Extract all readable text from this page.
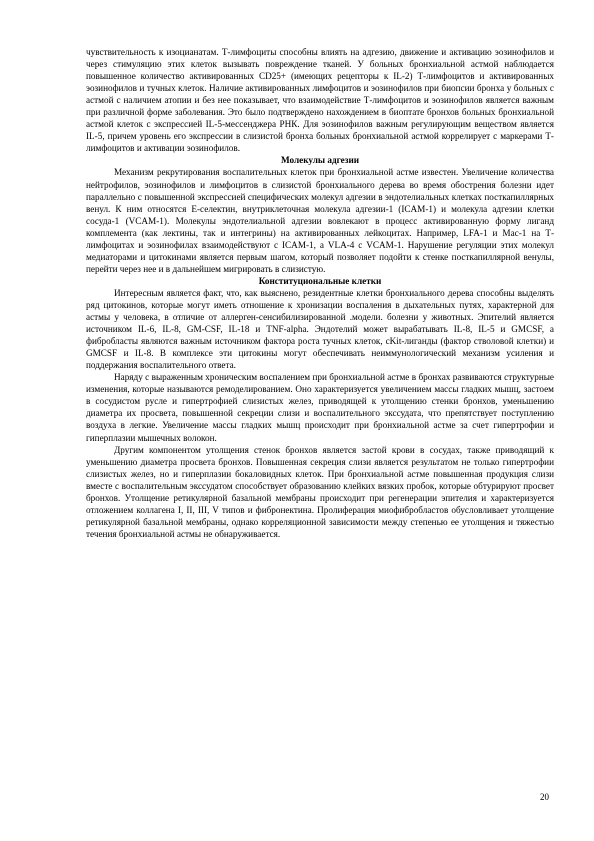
чувствительность к изоцианатам. Т-лимфоциты способны влиять на адгезию, движение и активацию эозинофилов и через стимуляцию этих клеток вызывать повреждение тканей. У больных бронхиальной астмой наблюдается повышенное количество активированных CD25+ (имеющих рецепторы к IL-2) Т-лимфоцитов и активированных эозинофилов и тучных клеток. Наличие активированных лимфоцитов и эозинофилов при биопсии бронха у больных с астмой с наличием атопии и без нее показывает, что взаимодействие Т-лимфоцитов и эозинофилов является важным при различной форме заболевания. Это было подтверждено нахождением в биоптате бронхов больных бронхиальной астмой клеток с экспрессией IL-5-мессенджера РНК. Для эозинофилов важным регулирующим веществом является IL-5, причем уровень его экспрессии в слизистой бронха больных бронхиальной астмой коррелирует с маркерами Т-лимфоцитов и активации эозинофилов.

Молекулы адгезии

Механизм рекрутирования воспалительных клеток при бронхиальной астме известен. Увеличение количества нейтрофилов, эозинофилов и лимфоцитов в слизистой бронхиального дерева во время обострения болезни идет параллельно с повышенной экспрессией специфических молекул адгезии в эндотелиальных клетках посткапиллярных венул. К ним относятся Е-селектин, внутриклеточная молекула адгезии-1 (ICAM-1) и молекула адгезии клетки сосуда-1 (VCAM-1). Молекулы эндотелиальной адгезии вовлекают в процесс активированную форму лиганд комплемента (как лектины, так и интегрины) на активированных лейкоцитах. Например, LFA-1 и Mac-1 на Т-лимфоцитах и эозинофилах взаимодействуют с ICAM-1, а VLA-4 с VCAM-1. Нарушение регуляции этих молекул медиаторами и цитокинами является первым шагом, который позволяет подойти к стенке посткапиллярной венулы, перейти через нее и в дальнейшем мигрировать в слизистую.

Конституциональные клетки

Интересным является факт, что, как выяснено, резидентные клетки бронхиального дерева способны выделять ряд цитокинов, которые могут иметь отношение к хронизации воспаления в дыхательных путях, характерной для астмы у человека, в отличие от аллерген-сенсибилизированной .модели. болезни у животных. Эпителий является источником IL-6, IL-8, GM-CSF, IL-18 и TNF-alpha. Эндотелий может вырабатывать IL-8, IL-5 и GMCSF, а фибробласты являются важным источником фактора роста тучных клеток, cKit-лиганды (фактор стволовой клетки) и GMCSF и IL-8. В комплексе эти цитокины могут обеспечивать неиммунологический механизм усиления и поддержания воспалительного ответа.

Наряду с выраженным хроническим воспалением при бронхиальной астме в бронхах развиваются структурные изменения, которые называются ремоделированием. Оно характеризуется увеличением массы гладких мышц, застоем в сосудистом русле и гипертрофией слизистых желез, приводящей к утолщению стенки бронхов, уменьшению диаметра их просвета, повышенной секреции слизи и воспалительного экссудата, что препятствует поступлению воздуха в легкие. Увеличение массы гладких мышц происходит при бронхиальной астме за счет гипертрофии и гиперплазии мышечных волокон.

Другим компонентом утолщения стенок бронхов является застой крови в сосудах, также приводящий к уменьшению диаметра просвета бронхов. Повышенная секреция слизи является результатом не только гипертрофии слизистых желез, но и гиперплазии бокаловидных клеток. При бронхиальной астме повышенная продукция слизи вместе с воспалительным экссудатом способствует образованию клейких вязких пробок, которые обтурируют просвет бронхов. Утолщение ретикулярной базальной мембраны происходит при регенерации эпителия и характеризуется отложением коллагена I, II, III, V типов и фибронектина. Пролиферация миофибробластов обусловливает утолщение ретикулярной базальной мембраны, однако корреляционной зависимости между степенью ее утолщения и тяжестью течения бронхиальной астмы не обнаруживается.

20
